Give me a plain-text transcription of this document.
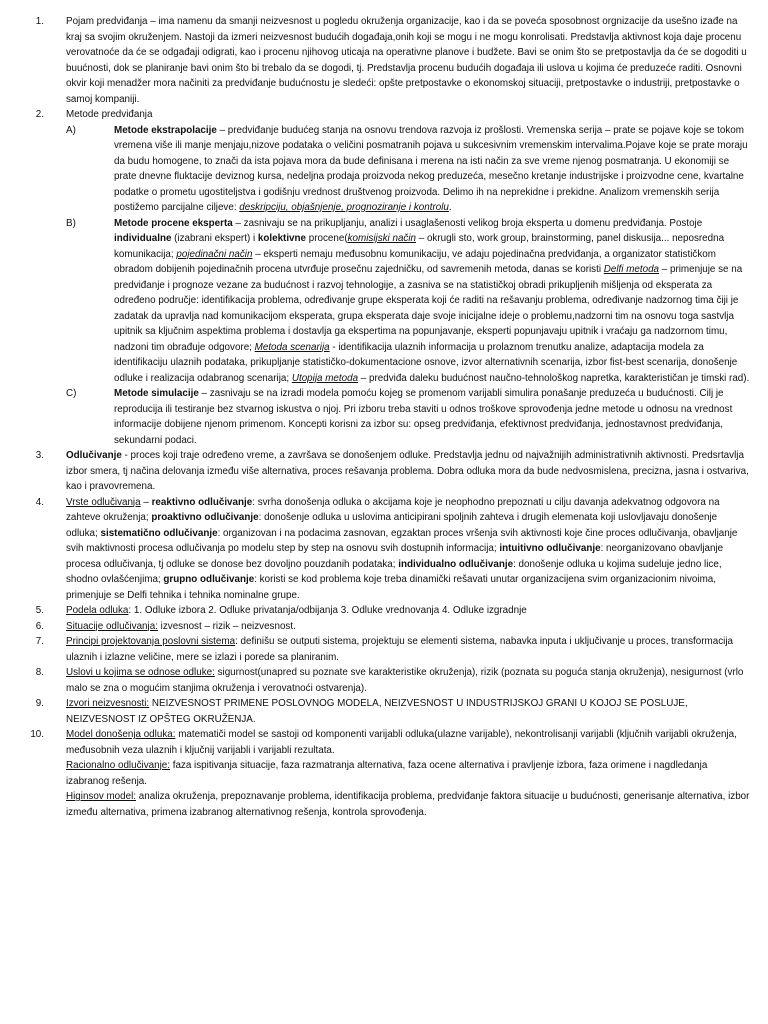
1. Pojam predviđanja – ima namenu da smanji neizvesnost u pogledu okruženja organizacije, kao i da se poveća sposobnost orgnizacije da usešno izađe na kraj sa svojim okruženjem. Nastoji da izmeri neizvesnost budućih događaja,onih koji se mogu i ne mogu konrolisati. Predstavlja aktivnost koja daje procenu verovatnoće da će se odgađaji odigrati, kao i procenu njihovog uticaja na operativne planove i budžete. Bavi se onim što se pretpostavlja da će se dogoditi u buućnosti, dok se planiranje bavi onim što bi trebalo da se dogodi, tj. Predstavlja procenu budućih događaja ili uslova u kojima će preduzeće raditi. Osnovni okvir koji menadžer mora načiniti za predviđanje budućnostu je sledeći: opšte pretpostavke o ekonomskoj situaciji, pretpostavke o industriji, pretpostavke o samoj kompaniji.
2. Metode predviđanja
A)	Metode ekstrapolacije – predviđanje budućeg stanja na osnovu trendova razvoja iz prošlosti. Vremenska serija – prate se pojave koje se tokom vremena više ili manje menjaju,nizove podataka o veličini posmatranih pojava u sukcesivnim vremenskim intervalima.Pojave koje se prate moraju da budu homogene, to znači da ista pojava mora da bude definisana i merena na isti način za sve vreme njenog posmatranja. U ekonomiji se prate dnevne fluktacije deviznog kursa, nedeljna prodaja proizvoda nekog preduzeća, mesečno kretanje industrijske i proizvodne cene, kvartalne podatke o prometu ugostiteljstva i godišnju vrednost društvenog proizvoda. Delimo ih na neprekidne i prekidne. Analizom vremenskih serija postižemo parcijalne ciljeve: deskripciju, objašnjenje, prognoziranje i kontrolu.
B)	Metode procene eksperta – zasnivaju se na prikupljanju, analizi i usaglašenosti velikog broja eksperta u domenu predviđanja. Postoje individualne (izabrani ekspert) i kolektivne procene(komisijski način – okrugli sto, work group, brainstorming, panel diskusija... neposredna komunikacija; pojedinačni način – eksperti nemaju međusobnu komunikaciju, ve adaju pojedinačna predviđanja, a organizator statističkom obradom dobijenih pojedinačnih procena utvrđuje prosečnu zajedničku, od savremenih metoda, danas se koristi Delfi metoda – primenjuje se na predviđanje i prognoze vezane za budućnost i razvoj tehnologije, a zasniva se na statističkoj obradi prikupljenih mišljenja od eksperata za određeno područje: identifikacija problema, određivanje grupe eksperata koji će raditi na rešavanju problema, određivanje nadzornog tima čiji je zadatak da upravlja nad komunikacijom eksperata, grupa eksperata daje svoje inicijalne ideje o problemu,nadzorni tim na osnovu toga sastvlja upitnik sa ključnim aspektima problema i dostavlja ga ekspertima na popunjavanje, eksperti popunjavaju upitnik i vraćaju ga nadzornom timu, nadzoni tim obrađuje odgovore; Metoda scenarija - identifikacija ulaznih informacija u prolaznom trenutku analize, adaptacija modela za identifikaciju ulaznih podataka, prikupljanje statističko-dokumentacione osnove, izvor alternativnih scenarija, izbor fist-best scenarija, donošenje odluke i realizacija odabranog scenarija; Utopija metoda – predviđa daleku budućnost naučno-tehnološkog napretka, karakterističan je timski rad).
C)	Metode simulacije – zasnivaju se na izradi modela pomoću kojeg se promenom varijabli simulira ponašanje preduzeća u budućnosti. Cilj je reproducija ili testiranje bez stvarnog iskustva o njoj. Pri izboru treba staviti u odnos troškove sprovođenja jedne metode u odnosu na vrednost informacije dobijene njenom primenom. Koncepti korisni za izbor su: opseg predviđanja, efektivnost predviđanja, jednostavnost predviđanja, sekundarni podaci.
3. Odlučivanje - proces koji traje određeno vreme, a završava se donošenjem odluke. Predstavlja jednu od najvažnijih administrativnih aktivnosti. Predsrtavlja izbor smera, tj načina delovanja između više alternativa, proces rešavanja problema. Dobra odluka mora da bude nedvosmislena, precizna, jasna i ostvariva, kao i pravovremena.
4. Vrste odlučivanja – reaktivno odlučivanje: svrha donošenja odluka o akcijama koje je neophodno prepoznati u cilju davanja adekvatnog odgovora na zahteve okruženja; proaktivno odlučivanje: donošenje odluka u uslovima anticipirani spoljnih zahteva i drugih elemenata koji uslovljavaju donošenje odluka; sistematično odlučivanje: organizovan i na podacima zasnovan, egzaktan proces vršenja svih aktivnosti koje čine proces odlučivanja, obavljanje svih maktivnosti procesa odlučivanja po modelu step by step na osnovu svih dostupnih informacija; intuitivno odlučivanje: neorganizovano obavljanje procesa odlučivanja, tj odluke se donose bez dovoljno pouzdanih podataka; individualno odlučivanje: donošenje odluka u kojima sudeluje jedno lice, shodno ovlašćenjima; grupno odlučivanje: koristi se kod problema koje treba dinamički rešavati unutar organizacijena svim organizacionim nivoima, primenjuje se Delfi tehnika i tehnika nominalne grupe.
5. Podela odluka: 1. Odluke izbora 2. Odluke privatanja/odbijanja 3. Odluke vrednovanja 4. Odluke izgradnje
6. Situacije odlučivanja: izvesnost – rizik – neizvesnost.
7. Principi projektovanja poslovni sistema: definišu se outputi sistema, projektuju se elementi sistema, nabavka inputa i uključivanje u proces, transformacija ulaznih i izlazne veličine, mere se izlazi i porede sa planiranim.
8. Uslovi u kojima se odnose odluke: sigurnost(unapred su poznate sve karakteristike okruženja), rizik (poznata su poguća stanja okruženja), nesigurnost (vrlo malo se zna o mogućim stanjima okruženja i verovatnoći ostvarenja).
9. Izvori neizvesnosti: NEIZVESNOST PRIMENE POSLOVNOG MODELA, NEIZVESNOST U INDUSTRIJSKOJ GRANI U KOJOJ SE POSLUJE, NEIZVESNOST IZ OPŠTEG OKRUŽENJA.
10. Model donošenja odluka: matematiči model se sastoji od komponenti varijabli odluka(ulazne varijable), nekontrolisanji varijabli (ključnih varijabli okruženja, međusobnih veza ulaznih i ključnij varijabli i varijabli rezultata.
Racionalno odlučivanje: faza ispitivanja situacije, faza razmatranja alternativa, faza ocene alternativa i pravljenje izbora, faza orimene i nagdledanja izabranog rešenja.
Higinsov model: analiza okruženja, prepoznavanje problema, identifikacija problema, predviđanje faktora situacije u budućnosti, generisanje alternativa, izbor između alternativa, primena izabranog alternativnog rešenja, kontrola sprovođenja.
